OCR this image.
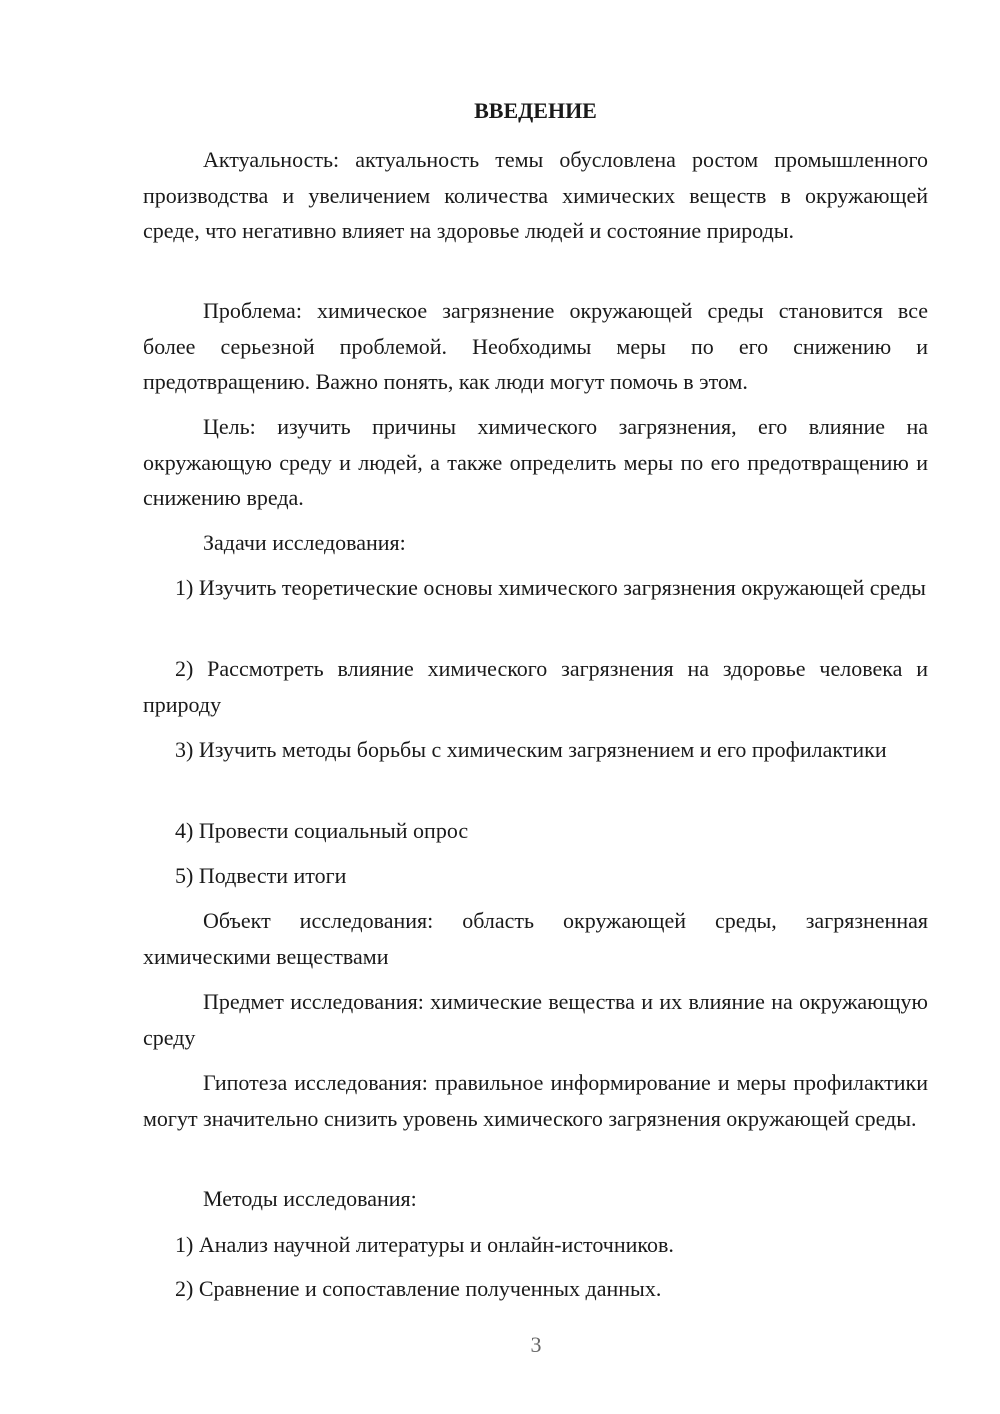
ВВЕДЕНИЕ

Актуальность: актуальность темы обусловлена ростом промышленного производства и увеличением количества химических веществ в окружающей среде, что негативно влияет на здоровье людей и состояние природы.

Проблема: химическое загрязнение окружающей среды становится все более серьезной проблемой. Необходимы меры по его снижению и предотвращению. Важно понять, как люди могут помочь в этом.

Цель: изучить причины химического загрязнения, его влияние на окружающую среду и людей, а также определить меры по его предотвращению и снижению вреда.

Задачи исследования:

1) Изучить теоретические основы химического загрязнения окружающей среды

2) Рассмотреть влияние химического загрязнения на здоровье человека и природу

3) Изучить методы борьбы с химическим загрязнением и его профилактики

4) Провести социальный опрос

5) Подвести итоги

Объект исследования: область окружающей среды, загрязненная химическими веществами

Предмет исследования: химические вещества и их влияние на окружающую среду

Гипотеза исследования: правильное информирование и меры профилактики могут значительно снизить уровень химического загрязнения окружающей среды.

Методы исследования:

1) Анализ научной литературы и онлайн-источников.

2) Сравнение и сопоставление полученных данных.

3
